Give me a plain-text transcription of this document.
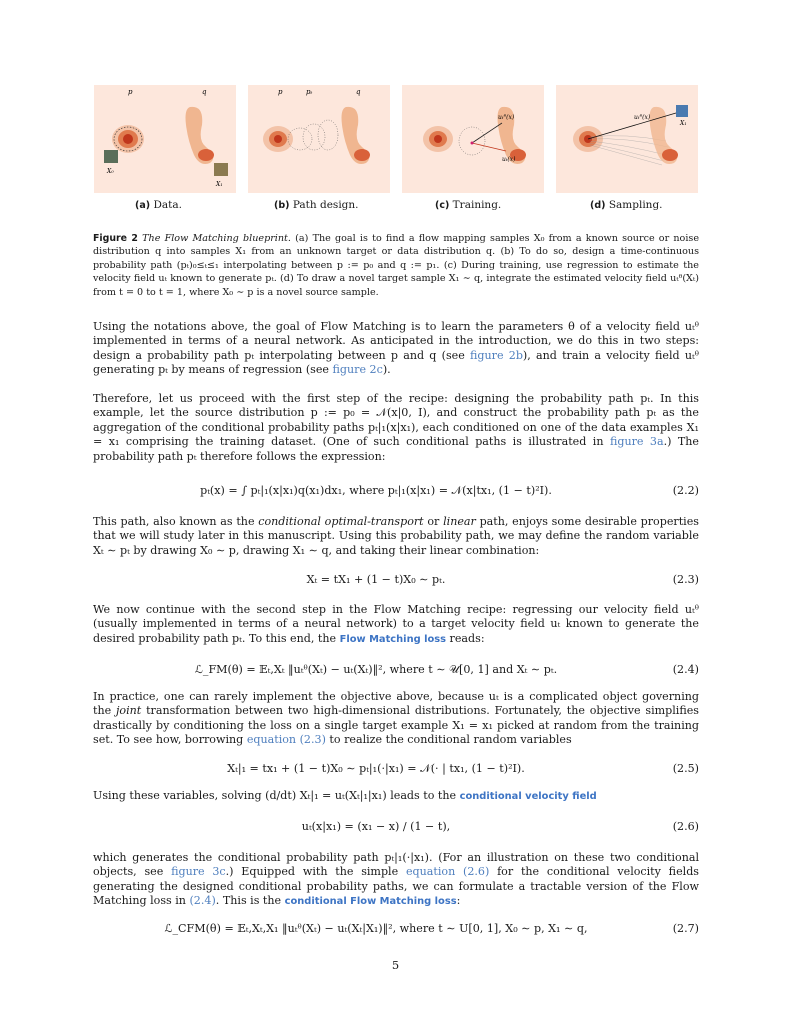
p	q
X₀
X₁
p	pₜ	q
uₜᶿ(x)
uₜ(x)
uₜᶿ(x)
X₁
(a) Data.	(b) Path design.	(c) Training.	(d) Sampling.
Figure 2 The Flow Matching blueprint. (a) The goal is to find a flow mapping samples X₀ from a known source or noise distribution q into samples X₁ from an unknown target or data distribution q. (b) To do so, design a time-continuous probability path (pₜ)₀≤ₜ≤₁ interpolating between p := p₀ and q := p₁. (c) During training, use regression to estimate the velocity field uₜ known to generate pₜ. (d) To draw a novel target sample X₁ ∼ q, integrate the estimated velocity field uₜᶿ(Xₜ) from t = 0 to t = 1, where X₀ ∼ p is a novel source sample.
Using the notations above, the goal of Flow Matching is to learn the parameters θ of a velocity field uₜᶿ implemented in terms of a neural network. As anticipated in the introduction, we do this in two steps: design a probability path pₜ interpolating between p and q (see figure 2b), and train a velocity field uₜᶿ generating pₜ by means of regression (see figure 2c).
Therefore, let us proceed with the first step of the recipe: designing the probability path pₜ. In this example, let the source distribution p := p₀ = 𝒩(x|0, I), and construct the probability path pₜ as the aggregation of the conditional probability paths pₜ|₁(x|x₁), each conditioned on one of the data examples X₁ = x₁ comprising the training dataset. (One of such conditional paths is illustrated in figure 3a.) The probability path pₜ therefore follows the expression:
pₜ(x) = ∫ pₜ|₁(x|x₁)q(x₁)dx₁, where pₜ|₁(x|x₁) = 𝒩(x|tx₁, (1 − t)²I).	(2.2)
This path, also known as the conditional optimal-transport or linear path, enjoys some desirable properties that we will study later in this manuscript. Using this probability path, we may define the random variable Xₜ ∼ pₜ by drawing X₀ ∼ p, drawing X₁ ∼ q, and taking their linear combination:
Xₜ = tX₁ + (1 − t)X₀ ∼ pₜ.	(2.3)
We now continue with the second step in the Flow Matching recipe: regressing our velocity field uₜᶿ (usually implemented in terms of a neural network) to a target velocity field uₜ known to generate the desired probability path pₜ. To this end, the Flow Matching loss reads:
ℒ_FM(θ) = 𝔼ₜ,Xₜ ‖uₜᶿ(Xₜ) − uₜ(Xₜ)‖², where t ∼ 𝒰[0, 1] and Xₜ ∼ pₜ.	(2.4)
In practice, one can rarely implement the objective above, because uₜ is a complicated object governing the joint transformation between two high-dimensional distributions. Fortunately, the objective simplifies drastically by conditioning the loss on a single target example X₁ = x₁ picked at random from the training set. To see how, borrowing equation (2.3) to realize the conditional random variables
Xₜ|₁ = tx₁ + (1 − t)X₀ ∼ pₜ|₁(·|x₁) = 𝒩(· | tx₁, (1 − t)²I).	(2.5)
Using these variables, solving (d/dt) Xₜ|₁ = uₜ(Xₜ|₁|x₁) leads to the conditional velocity field
uₜ(x|x₁) = (x₁ − x) / (1 − t),	(2.6)
which generates the conditional probability path pₜ|₁(·|x₁). (For an illustration on these two conditional objects, see figure 3c.) Equipped with the simple equation (2.6) for the conditional velocity fields generating the designed conditional probability paths, we can formulate a tractable version of the Flow Matching loss in (2.4). This is the conditional Flow Matching loss:
ℒ_CFM(θ) = 𝔼ₜ,Xₜ,X₁ ‖uₜᶿ(Xₜ) − uₜ(Xₜ|X₁)‖², where t ∼ U[0, 1], X₀ ∼ p, X₁ ∼ q,	(2.7)
5
